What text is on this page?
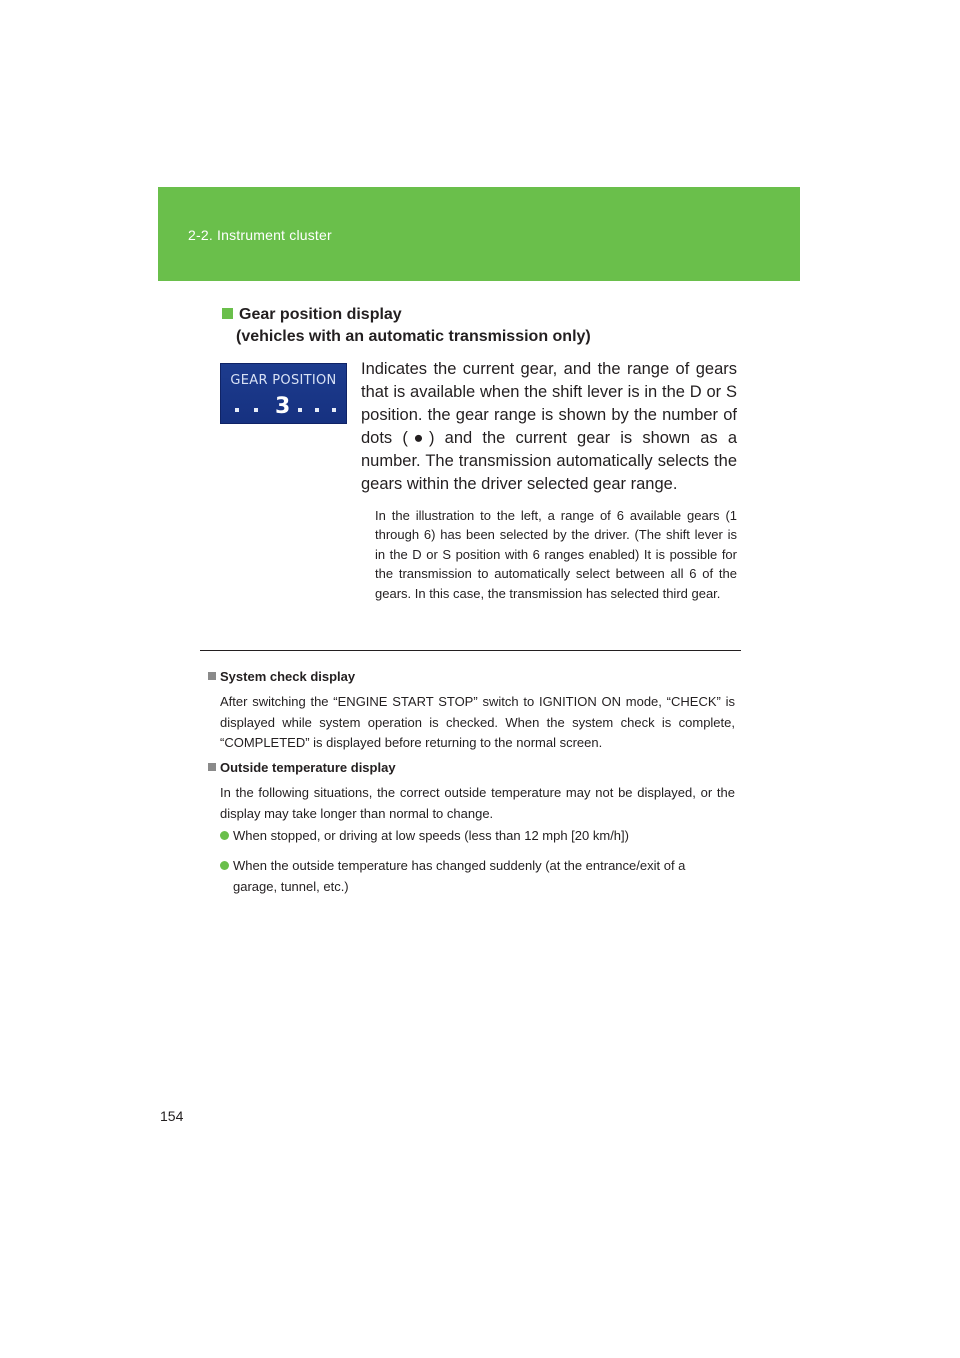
2-2. Instrument cluster
Gear position display
(vehicles with an automatic transmission only)
GEAR POSITION
3
Indicates the current gear, and the range of gears that is available when the shift lever is in the D or S position. the gear range is shown by the number of dots (●) and the current gear is shown as a number. The transmission automatically selects the gears within the driver selected gear range.
In the illustration to the left, a range of 6 available gears (1 through 6) has been selected by the driver. (The shift lever is in the D or S position with 6 ranges enabled) It is possible for the transmission to automatically select between all 6 of the gears. In this case, the transmission has selected third gear.
System check display
After switching the “ENGINE START STOP” switch to IGNITION ON mode, “CHECK” is displayed while system operation is checked. When the system check is complete, “COMPLETED” is displayed before returning to the normal screen.
Outside temperature display
In the following situations, the correct outside temperature may not be displayed, or the display may take longer than normal to change.
When stopped, or driving at low speeds (less than 12 mph [20 km/h])
When the outside temperature has changed suddenly (at the entrance/exit of a
garage, tunnel, etc.)
154
